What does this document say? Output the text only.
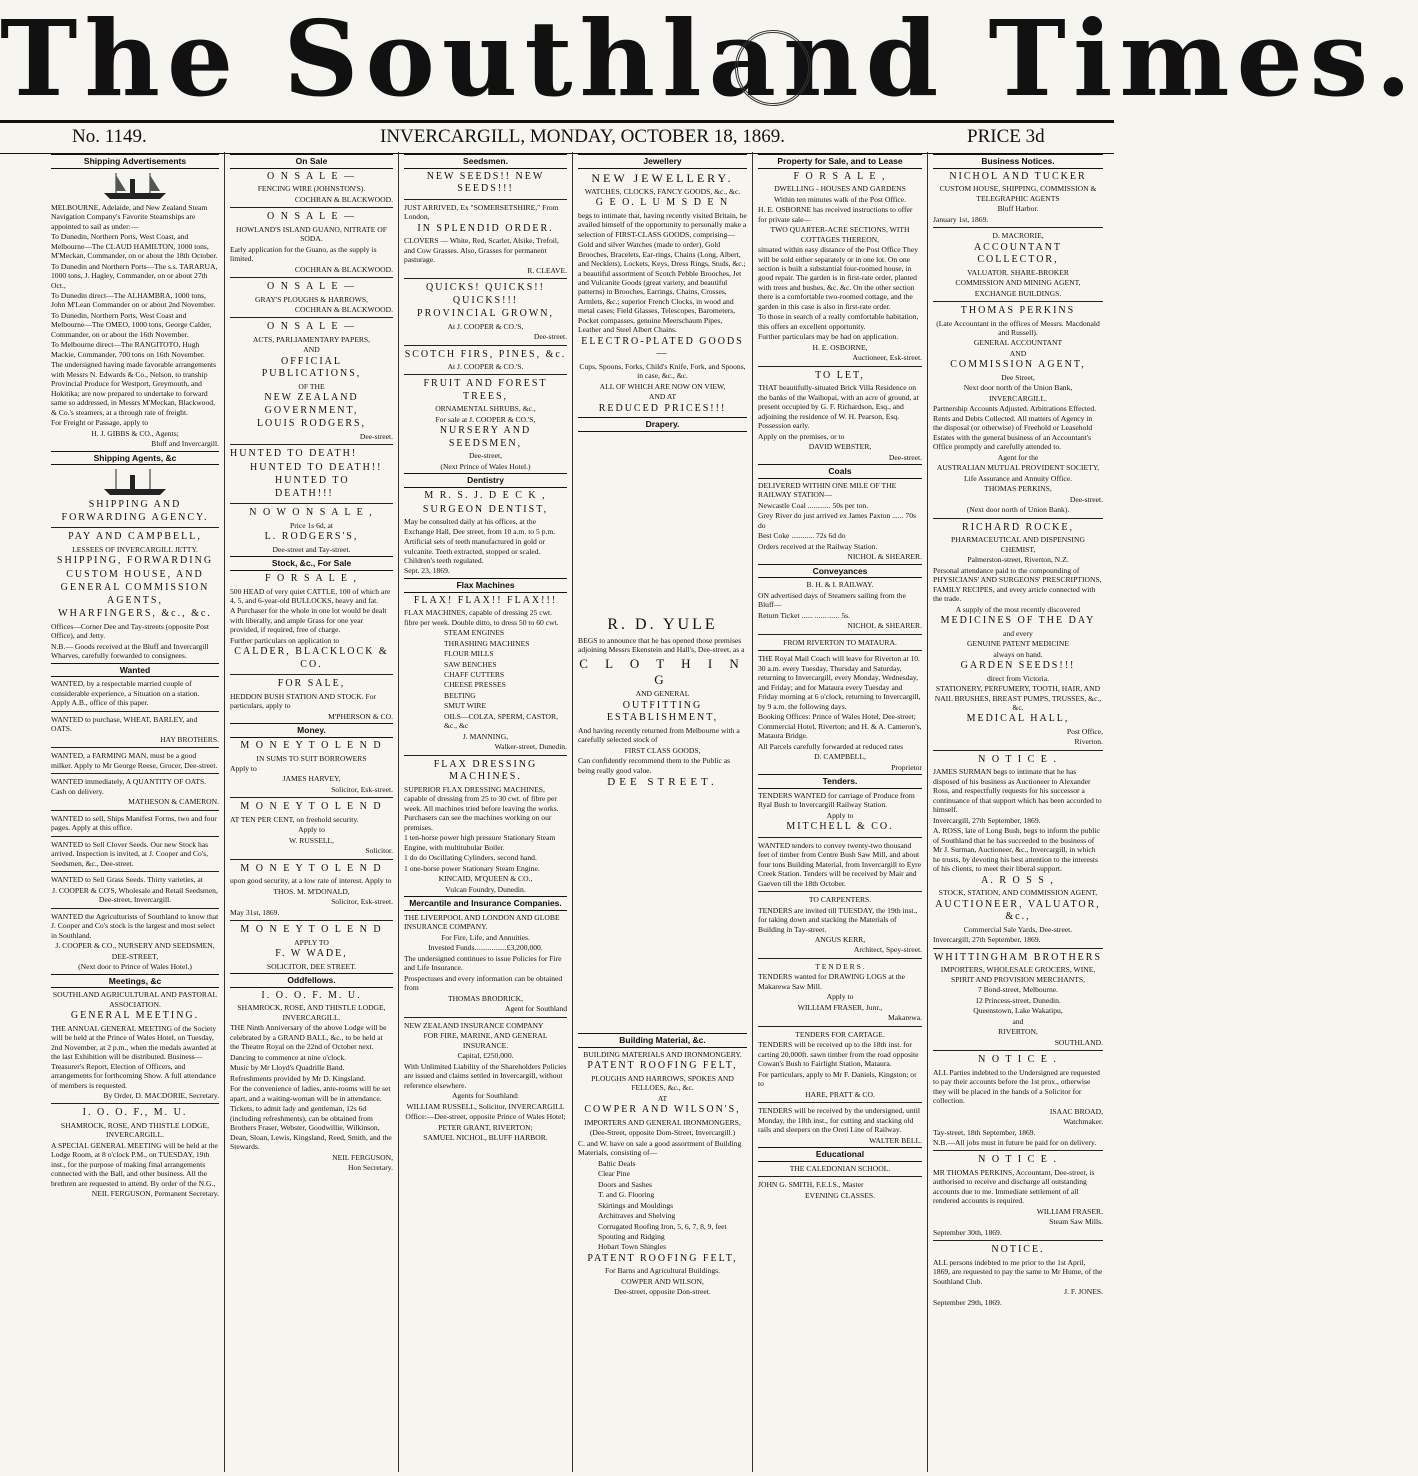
The Southland Times.
No. 1149.	INVERCARGILL, MONDAY, OCTOBER 18, 1869.	PRICE 3d
Shipping Advertisements

MELBOURNE, Adelaide, and New Zealand Steam Navigation Company's Favorite Steamships are appointed to sail as under:—

To Dunedin, Northern Ports, West Coast, and Melbourne—The CLAUD HAMILTON, 1000 tons, M'Meckan, Commander, on or about the 18th October.

To Dunedin and Northern Ports—The s.s. TARARUA, 1000 tons, J. Hagley, Commander, on or about 27th Oct.,

To Dunedin direct—The ALHAMBRA, 1000 tons, John M'Lean Commander on or about 2nd November.

To Dunedin, Northern Ports, West Coast and Melbourne—The OMEO, 1000 tons, George Calder, Commander, on or about the 16th November.

To Melbourne direct—The RANGITOTO, Hugh Mackie, Commander, 700 tons on 16th November.

The undersigned having made favorable arrangements with Messrs N. Edwards & Co., Nelson, to tranship Provincial Produce for Westport, Greymouth, and Hokitika; are now prepared to undertake to forward same so addressed, in Messrs M'Meckan, Blackwood, & Co.'s steamers, at a through rate of freight.

For Freight or Passage, apply to

H. J. GIBBS & CO., Agents;

Bluff and Invercargill.

Shipping Agents, &c

SHIPPING AND FORWARDING AGENCY.

PAY AND CAMPBELL,

LESSEES OF INVERCARGILL JETTY.

SHIPPING, FORWARDING

CUSTOM HOUSE, AND

GENERAL COMMISSION AGENTS,

WHARFINGERS, &c., &c.

Offices—Corner Dee and Tay-streets (opposite Post Office), and Jetty.

N.B.— Goods received at the Bluff and Invercargill Wharves, carefully forwarded to consignees.

Wanted

WANTED, by a respectable married couple of considerable experience, a Situation on a station. Apply A.B., office of this paper.

WANTED to purchase, WHEAT, BARLEY, and OATS.

HAY BROTHERS.

WANTED, a FARMING MAN, must be a good milker. Apply to Mr George Reese, Grocer, Dee-street.

WANTED immediately, A QUANTITY OF OATS. Cash on delivery.

MATHESON & CAMERON.

WANTED to sell, Ships Manifest Forms, two and four pages. Apply at this office.

WANTED to Sell Clover Seeds. Our new Stock has arrived. Inspection is invited, at J. Cooper and Co's, Seedsmen, &c., Dee-street.

WANTED to Sell Grass Seeds. Thirty varieties, at

J. COOPER & CO'S, Wholesale and Retail Seedsmen, Dee-street, Invercargill.

WANTED the Agriculturists of Southland to know that J. Cooper and Co's stock is the largest and most select in Southland.

J. COOPER & CO., NURSERY AND SEEDSMEN,

DEE-STREET,

(Next door to Prince of Wales Hotel.)

Meetings, &c

SOUTHLAND AGRICULTURAL AND PASTORAL ASSOCIATION.

GENERAL MEETING.

THE ANNUAL GENERAL MEETING of the Society will be held at the Prince of Wales Hotel, on Tuesday, 2nd November, at 2 p.m., when the medals awarded at the last Exhibition will be distributed. Business—Treasurer's Report, Election of Officers, and arrangements for forthcoming Show. A full attendance of members is requested.

By Order, D. MACDORIE, Secretary.

I. O. O. F., M. U.

SHAMROCK, ROSE, AND THISTLE LODGE, INVERCARGILL.

A SPECIAL GENERAL MEETING will be held at the Lodge Room, at 8 o'clock P.M., on TUESDAY, 19th inst., for the purpose of making final arrangements connected with the Ball, and other business. All the brethren are requested to attend. By order of the N.G.,

NEIL FERGUSON, Permanent Secretary.

On Sale

O N S A L E —

FENCING WIRE (JOHNSTON'S).

COCHRAN & BLACKWOOD.

O N S A L E —

HOWLAND'S ISLAND GUANO, NITRATE OF SODA.

Early application for the Guano, as the supply is limited.

COCHRAN & BLACKWOOD.

O N S A L E —

GRAY'S PLOUGHS & HARROWS,

COCHRAN & BLACKWOOD.

O N S A L E —

ACTS, PARLIAMENTARY PAPERS,

AND

OFFICIAL PUBLICATIONS,

OF THE

NEW ZEALAND GOVERNMENT,

LOUIS RODGERS,

Dee-street.

HUNTED TO DEATH!

HUNTED TO DEATH!!

HUNTED TO DEATH!!!

N O W O N S A L E ,

Price 1s 6d, at

L. RODGERS'S,

Dee-street and Tay-street.

Stock, &c., For Sale

F O R S A L E ,

500 HEAD of very quiet CATTLE, 100 of which are 4, 5, and 6-year-old BULLOCKS, heavy and fat.

A Purchaser for the whole in one lot would be dealt with liberally, and ample Grass for one year provided, if required, free of charge.

Further particulars on application to

CALDER, BLACKLOCK & CO.

FOR SALE,

HEDDON BUSH STATION AND STOCK. For particulars, apply to

M'PHERSON & CO.

Money.

M O N E Y T O L E N D

IN SUMS TO SUIT BORROWERS

Apply to

JAMES HARVEY,

Solicitor, Esk-street.

M O N E Y T O L E N D

AT TEN PER CENT, on freehold security.

Apply to

W. RUSSELL,

Solicitor.

M O N E Y T O L E N D

upon good security, at a low rate of interest. Apply to

THOS. M. M'DONALD,

Solicitor, Esk-street.

May 31st, 1869.

M O N E Y T O L E N D

APPLY TO

F. W WADE,

SOLICITOR, DEE STREET.

Oddfellows.

I. O. O. F. M. U.

SHAMROCK, ROSE, AND THISTLE LODGE, INVERCARGILL.

THE Ninth Anniversary of the above Lodge will be celebrated by a GRAND BALL, &c., to be held at the Theatre Royal on the 22nd of October next.

Dancing to commence at nine o'clock.

Music by Mr Lloyd's Quadrille Band.

Refreshments provided by Mr D. Kingsland.

For the convenience of ladies, ante-rooms will be set apart, and a waiting-woman will be in attendance.

Tickets, to admit lady and gentleman, 12s 6d (including refreshments), can be obtained from Brothers Fraser, Webster, Goodwillie, Wilkinson, Dean, Sloan, Lewis, Kingsland, Reed, Smith, and the Stewards.

NEIL FERGUSON,

Hon Secretary.

Seedsmen.

NEW SEEDS!! NEW SEEDS!!!

JUST ARRIVED, Ex "SOMERSETSHIRE," From London,

IN SPLENDID ORDER.

CLOVERS — White, Red, Scarlet, Alsike, Trefoil, and Cow Grasses. Also, Grasses for permanent pasturage.

R. CLEAVE.

QUICKS! QUICKS!! QUICKS!!!

PROVINCIAL GROWN,

At J. COOPER & CO.'S,

Dee-street.

SCOTCH FIRS, PINES, &c.

At J. COOPER & CO.'S.

FRUIT AND FOREST TREES,

ORNAMENTAL SHRUBS, &c.,

For sale at J. COOPER & CO.'S,

NURSERY AND SEEDSMEN,

Dee-street,

(Next Prince of Wales Hotel.)

Dentistry

M R. S. J. D E C K ,

SURGEON DENTIST,

May be consulted daily at his offices, at the Exchange Hall, Dee street, from 10 a.m. to 5 p.m.

Artificial sets of teeth manufactured in gold or vulcanite. Teeth extracted, stopped or scaled. Children's teeth regulated.

Sept. 23, 1869.

Flax Machines

FLAX! FLAX!! FLAX!!!

FLAX MACHINES, capable of dressing 25 cwt. fibre per week. Double ditto, to dress 50 to 60 cwt.

STEAM ENGINES

THRASHING MACHINES

FLOUR MILLS

SAW BENCHES

CHAFF CUTTERS

CHEESE PRESSES

BELTING

SMUT WIRE

OILS—COLZA, SPERM, CASTOR, &c., &c

J. MANNING,

Walker-street, Dunedin.

FLAX DRESSING MACHINES.

SUPERIOR FLAX DRESSING MACHINES, capable of dressing from 25 to 30 cwt. of fibre per week. All machines tried before leaving the works. Purchasers can see the machines working on our premises.

1 ten-horse power high pressure Stationary Steam Engine, with multitubular Boiler.

1 do do Oscillating Cylinders, second hand.

1 one-horse power Stationary Steam Engine.

KINCAID, M'QUEEN & CO.,

Vulcan Foundry, Dunedin.

Mercantile and Insurance Companies.

THE LIVERPOOL AND LONDON AND GLOBE INSURANCE COMPANY.

For Fire, Life, and Annuities.

Invested Funds.................£3,200,000.

The undersigned continues to issue Policies for Fire and Life Insurance.

Prospectuses and every information can be obtained from

THOMAS BRODRICK,

Agent for Southland

NEW ZEALAND INSURANCE COMPANY

FOR FIRE, MARINE, AND GENERAL INSURANCE.

Capital, £250,000.

With Unlimited Liability of the Shareholders Policies are issued and claims settled in Invercargill, without reference elsewhere.

Agents for Southland:

WILLIAM RUSSELL, Solicitor, INVERCARGILL

Office:—Dee-street, opposite Prince of Wales Hotel;

PETER GRANT, RIVERTON;

SAMUEL NICHOL, BLUFF HARBOR.

Jewellery

NEW JEWELLERY.

WATCHES, CLOCKS, FANCY GOODS, &c., &c.

G E O. L U M S D E N

begs to intimate that, having recently visited Britain, he availed himself of the opportunity to personally make a selection of FIRST-CLASS GOODS, comprising—

Gold and silver Watches (made to order), Gold Brooches, Bracelets, Ear-rings, Chains (Long, Albert, and Necklets), Lockets, Keys, Dress Rings, Studs, &c.; a beautiful assortment of Scotch Pebble Brooches, Jet and Vulcanite Goods (great variety, and beautiful patterns) in Brooches, Earrings, Chains, Crosses, Armlets, &c.; superior French Clocks, in wood and metal cases; Field Glasses, Telescopes, Barometers, Pocket compasses, genuine Meerschaum Pipes, Leather and Steel Albert Chains.

ELECTRO-PLATED GOODS—

Cups, Spoons, Forks, Child's Knife, Fork, and Spoons, in case, &c., &c.

ALL OF WHICH ARE NOW ON VIEW,

AND AT

REDUCED PRICES!!!

Drapery.

R. D. YULE

BEGS to announce that he has opened those premises adjoining Messrs Ekenstein and Hall's, Dee-street, as a

C L O T H I N G

AND GENERAL

OUTFITTING ESTABLISHMENT,

And having recently returned from Melbourne with a carefully selected stock of

FIRST CLASS GOODS,

Can confidently recommend them to the Public as being really good value.

DEE STREET.

Building Material, &c.

BUILDING MATERIALS AND IRONMONGERY.

PATENT ROOFING FELT,

PLOUGHS AND HARROWS, SPOKES AND FELLOES, &c., &c.

AT

COWPER AND WILSON'S,

IMPORTERS AND GENERAL IRONMONGERS,

(Dee-Street, opposite Dom-Street, Invercargill.)

C. and W. have on sale a good assortment of Building Materials, consisting of—

Baltic Deals

Clear Pine

Doors and Sashes

T. and G. Flooring

Skirtings and Mouldings

Architraves and Shelving

Corrugated Roofing Iron, 5, 6, 7, 8, 9, feet

Spouting and Ridging

Hobart Town Shingles

PATENT ROOFING FELT,

For Barns and Agricultural Buildings.

COWPER AND WILSON,

Dee-street, opposite Don-street.

Property for Sale, and to Lease

F O R S A L E ,

DWELLING - HOUSES AND GARDENS

Within ten minutes walk of the Post Office.

H. E. OSBORNE has received instructions to offer for private sale—

TWO QUARTER-ACRE SECTIONS, WITH COTTAGES THEREON,

situated within easy distance of the Post Office They will be sold either separately or in one lot. On one section is built a substantial four-roomed house, in good repair. The garden is in first-rate order, planted with trees and bushes, &c. &c. On the other section there is a comfortable two-roomed cottage, and the garden in this case is also in first-rate order.

To those in search of a really comfortable habitation, this offers an excellent opportunity.

Further particulars may be had on application.

H. E. OSBORNE,

Auctioneer, Esk-street.

TO LET,

THAT beautifully-situated Brick Villa Residence on the banks of the Waihopai, with an acre of ground, at present occupied by G. F. Richardson, Esq., and adjoining the residence of W. H. Pearson, Esq. Possession early.

Apply on the premises, or to

DAVID WEBSTER,

Dee-street.

Coals

DELIVERED WITHIN ONE MILE OF THE RAILWAY STATION—

Newcastle Coal ............ 50s per ton.

Grey River do just arrived ex James Paxton ...... 70s do

Best Coke ............ 72s 6d do

Orders received at the Railway Station.

NICHOL & SHEARER.

Conveyances

B. H. & I. RAILWAY.

ON advertised days of Steamers sailing from the Bluff—

Return Ticket ...... ...... ...... 5s.

NICHOL & SHEARER.

FROM RIVERTON TO MATAURA.

THE Royal Mail Coach will leave for Riverton at 10. 30 a.m. every Tuesday, Thursday and Saturday, returning to Invercargill, every Monday, Wednesday, and Friday; and for Mataura every Tuesday and Friday morning at 6 o'clock, returning to Invercargill, by 9 a.m. the following days.

Booking Offices: Prince of Wales Hotel, Dee-street; Commercial Hotel, Riverton; and H. & A. Cameron's, Mataura Bridge.

All Parcels carefully forwarded at reduced rates

D. CAMPBELL,

Proprietor

Tenders.

TENDERS WANTED for carriage of Produce from Ryal Bush to Invercargill Railway Station.

Apply to

MITCHELL & CO.

WANTED tenders to convey twenty-two thousand feet of timber from Centre Bush Saw Mill, and about four tons Building Material, from Invercargill to Eyre Creek Station. Tenders will be received by Mair and Gaeven till the 18th October.

TO CARPENTERS.

TENDERS are invited till TUESDAY, the 19th inst., for taking down and stacking the Materials of Building in Tay-street.

ANGUS KERR,

Architect, Spey-street.

T E N D E R S .

TENDERS wanted for DRAWING LOGS at the Makarewa Saw Mill.

Apply to

WILLIAM FRASER, Junr.,

Makarewa.

TENDERS FOR CARTAGE.

TENDERS will be received up to the 18th inst. for carting 20,000ft. sawn timber from the road opposite Cowan's Bush to Fairlight Station, Mataura.

For particulars, apply to Mr F. Daniels, Kingston; or to

HARE, PRATT & CO.

TENDERS will be received by the undersigned, until Monday, the 18th inst., for cutting and stacking old rails and sleepers on the Oreti Line of Railway.

WALTER BELL.

Educational

THE CALEDONIAN SCHOOL.

JOHN G. SMITH, F.E.I.S., Master

EVENING CLASSES.

Business Notices.

NICHOL AND TUCKER

CUSTOM HOUSE, SHIPPING, COMMISSION & TELEGRAPHIC AGENTS

Bluff Harbor.

January 1st, 1869.

D. MACRORIE,

ACCOUNTANT COLLECTOR,

VALUATOR. SHARE-BROKER

COMMISSION AND MINING AGENT,

EXCHANGE BUILDINGS.

THOMAS PERKINS

(Late Accountant in the offices of Messrs. Macdonald and Russell).

GENERAL ACCOUNTANT

AND

COMMISSION AGENT,

Dee Street,

Next door north of the Union Bank,

INVERCARGILL.

Partnership Accounts Adjusted. Arbitrations Effected. Rents and Debts Collected. All matters of Agency in the disposal (or otherwise) of Freehold or Leasehold Estates with the general business of an Accountant's Office promptly and carefully attended to.

Agent for the

AUSTRALIAN MUTUAL PROVIDENT SOCIETY,

Life Assurance and Annuity Office.

THOMAS PERKINS,

Dee-street.

(Next door north of Union Bank).

RICHARD ROCKE,

PHARMACEUTICAL AND DISPENSING CHEMIST,

Palmerston-street, Riverton, N.Z.

Personal attendance paid to the compounding of PHYSICIANS' AND SURGEONS' PRESCRIPTIONS, FAMILY RECIPES, and every article connected with the trade.

A supply of the most recently discovered

MEDICINES OF THE DAY

and every

GENUINE PATENT MEDICINE

always on hand.

GARDEN SEEDS!!!

direct from Victoria.

STATIONERY, PERFUMERY, TOOTH, HAIR, AND NAIL BRUSHES, BREAST PUMPS, TRUSSES, &c., &c.

MEDICAL HALL,

Post Office,

Riverton.

N O T I C E .

JAMES SURMAN begs to intimate that he has disposed of his business as Auctioneer to Alexander Ross, and respectfully requests for his successor a continuance of that support which has been accorded to himself.

Invercargill, 27th September, 1869.

A. ROSS, late of Long Bush, begs to inform the public of Southland that he has succeeded to the business of Mr J. Surman, Auctioneer, &c., Invercargill, in which he trusts, by devoting his best attention to the interests of his clients, to meet their liberal support.

A. R O S S ,

STOCK, STATION, AND COMMISSION AGENT,

AUCTIONEER, VALUATOR, &c.,

Commercial Sale Yards, Dee-street.

Invercargill, 27th September, 1869.

WHITTINGHAM BROTHERS

IMPORTERS, WHOLESALE GROCERS, WINE, SPIRIT AND PROVISION MERCHANTS,

7 Bond-street, Melbourne.

12 Princess-street, Dunedin.

Queenstown, Lake Wakatipu,

and

RIVERTON,

SOUTHLAND.

N O T I C E .

ALL Parties indebted to the Undersigned are requested to pay their accounts before the 1st prox., otherwise they will be placed in the hands of a Solicitor for collection.

ISAAC BROAD,

Watchmaker.

Tay-street, 18th September, 1869.

N.B.—All jobs must in future be paid for on delivery.

N O T I C E .

MR THOMAS PERKINS, Accountant, Dee-street, is authorised to receive and discharge all outstanding accounts due to me. Immediate settlement of all rendered accounts is required.

WILLIAM FRASER.

Steam Saw Mills.

September 30th, 1869.

NOTICE.

ALL persons indebted to me prior to the 1st April, 1869, are requested to pay the same to Mr Hume, of the Southland Club.

J. F. JONES.

September 29th, 1869.
